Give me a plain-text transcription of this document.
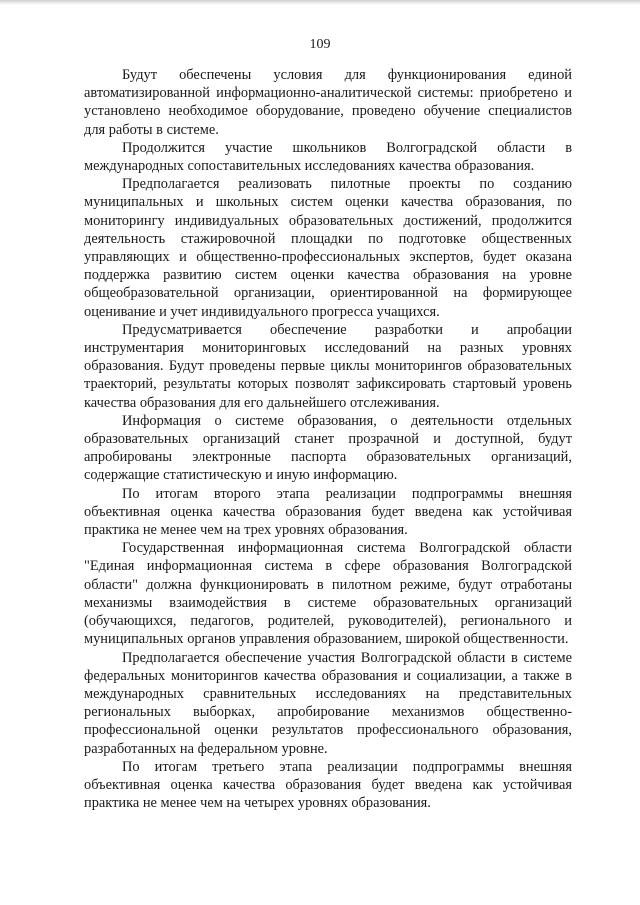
109

Будут обеспечены условия для функционирования единой автоматизированной информационно-аналитической системы: приобретено и установлено необходимое оборудование, проведено обучение специалистов для работы в системе.

Продолжится участие школьников Волгоградской области в международных сопоставительных исследованиях качества образования.

Предполагается реализовать пилотные проекты по созданию муниципальных и школьных систем оценки качества образования, по мониторингу индивидуальных образовательных достижений, продолжится деятельность стажировочной площадки по подготовке общественных управляющих и общественно-профессиональных экспертов, будет оказана поддержка развитию систем оценки качества образования на уровне общеобразовательной организации, ориентированной на формирующее оценивание и учет индивидуального прогресса учащихся.

Предусматривается обеспечение разработки и апробации инструментария мониторинговых исследований на разных уровнях образования. Будут проведены первые циклы мониторингов образовательных траекторий, результаты которых позволят зафиксировать стартовый уровень качества образования для его дальнейшего отслеживания.

Информация о системе образования, о деятельности отдельных образовательных организаций станет прозрачной и доступной, будут апробированы электронные паспорта образовательных организаций, содержащие статистическую и иную информацию.

По итогам второго этапа реализации подпрограммы внешняя объективная оценка качества образования будет введена как устойчивая практика не менее чем на трех уровнях образования.

Государственная информационная система Волгоградской области "Единая информационная система в сфере образования Волгоградской области" должна функционировать в пилотном режиме, будут отработаны механизмы взаимодействия в системе образовательных организаций (обучающихся, педагогов, родителей, руководителей), регионального и муниципальных органов управления образованием, широкой общественности.

Предполагается обеспечение участия Волгоградской области в системе федеральных мониторингов качества образования и социализации, а также в международных сравнительных исследованиях на представительных региональных выборках, апробирование механизмов общественно-профессиональной оценки результатов профессионального образования, разработанных на федеральном уровне.

По итогам третьего этапа реализации подпрограммы внешняя объективная оценка качества образования будет введена как устойчивая практика не менее чем на четырех уровнях образования.
